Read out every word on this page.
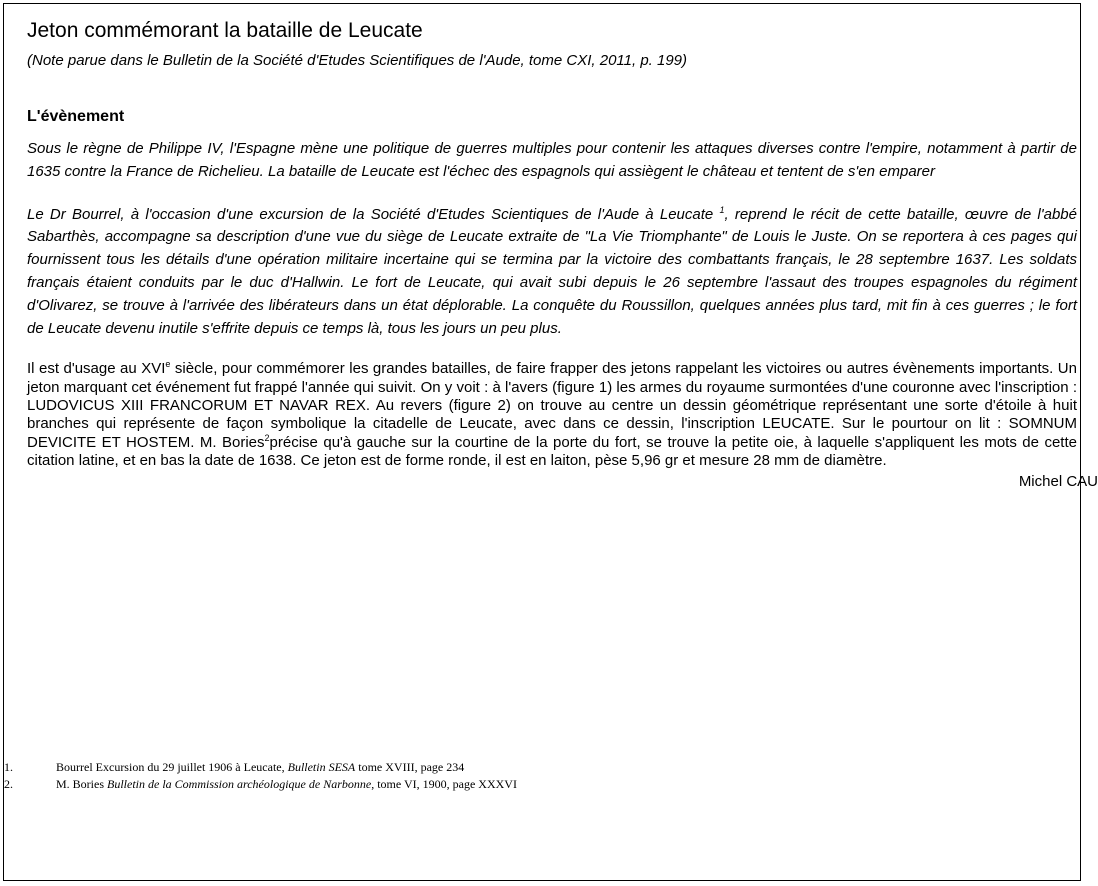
Jeton commémorant la bataille de Leucate
(Note parue dans le Bulletin de la Société d'Etudes Scientifiques de l'Aude, tome CXI, 2011, p. 199)
L'évènement

Sous le règne de Philippe IV, l'Espagne mène une politique de guerres multiples pour contenir les attaques diverses contre l'empire, notamment à partir de 1635 contre la France de Richelieu. La bataille de Leucate est l'échec des espagnols qui assiègent le château et tentent de s'en emparer

Le Dr Bourrel, à l'occasion d'une excursion de la Société d'Etudes Scientiques de l'Aude à Leucate $^1$, reprend le récit de cette bataille, œuvre de l'abbé Sabarthès, accompagne sa description d'une vue du siège de Leucate extraite de "La Vie Triomphante" de Louis le Juste. On se reportera à ces pages qui fournissent tous les détails d'une opération militaire incertaine qui se termina par la victoire des combattants français, le 28 septembre 1637. Les soldats français étaient conduits par le duc d'Hallwin. Le fort de Leucate, qui avait subi depuis le 26 septembre l'assaut des troupes espagnoles du régiment d'Olivarez, se trouve à l'arrivée des libérateurs dans un état déplorable. La conquête du Roussillon, quelques années plus tard, mit fin à ces guerres ; le fort de Leucate devenu inutile s'effrite depuis ce temps là, tous les jours un peu plus.

Il est d'usage au XVIe siècle, pour commémorer les grandes batailles, de faire frapper des jetons rappelant les victoires ou autres évènements importants. Un jeton marquant cet événement fut frappé l'année qui suivit. On y voit : à l'avers (figure 1) les armes du royaume surmontées d'une couronne avec l'inscription : LUDOVICUS XIII FRANCORUM ET NAVAR REX. Au revers (figure 2) on trouve au centre un dessin géométrique représentant une sorte d'étoile à huit branches qui représente de façon symbolique la citadelle de Leucate, avec dans ce dessin, l'inscription LEUCATE. Sur le pourtour on lit : SOMNUM DEVICITE ET HOSTEM. M. Bories$^2$précise qu'à gauche sur la courtine de la porte du fort, se trouve la petite oie, à laquelle s'appliquent les mots de cette citation latine, et en bas la date de 1638. Ce jeton est de forme ronde, il est en laiton, pèse 5,96 gr et mesure 28 mm de diamètre.

Michel CAU
1.	Bourrel Excursion du 29 juillet 1906 à Leucate, Bulletin SESA tome XVIII, page 234
2.	M. Bories Bulletin de la Commission archéologique de Narbonne, tome VI, 1900, page XXXVI
